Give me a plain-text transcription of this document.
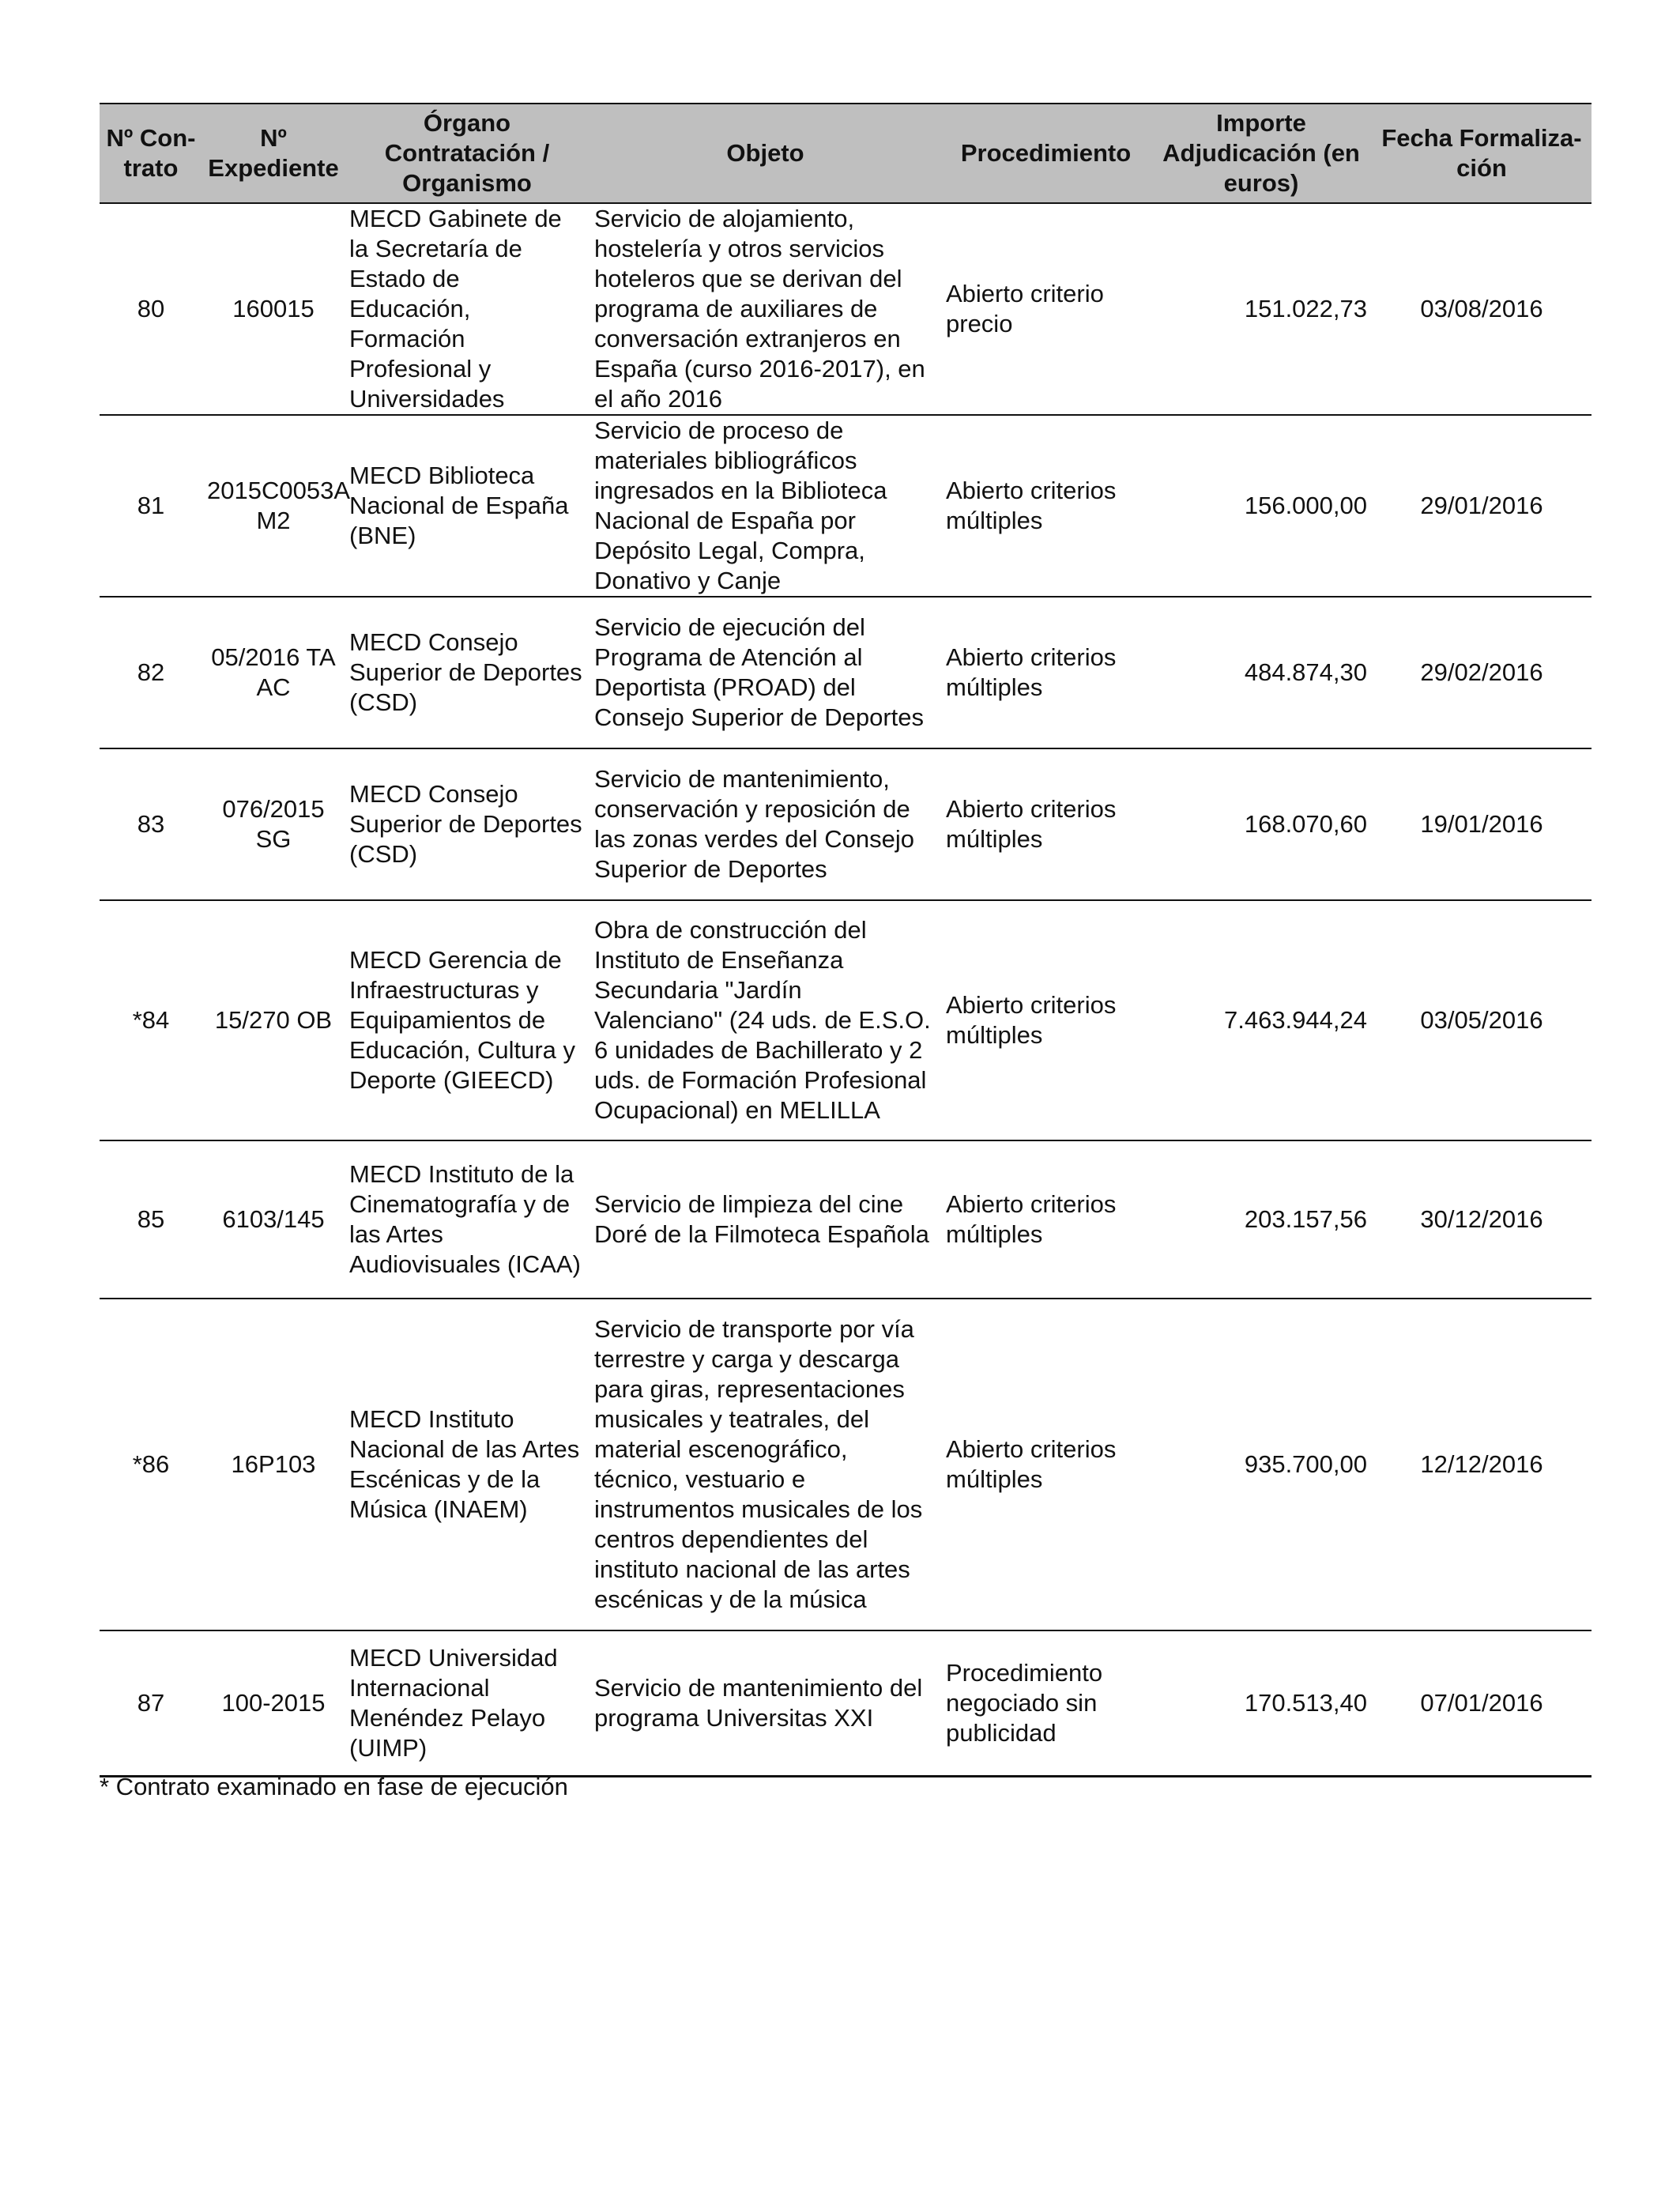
Nº Con- trato	Nº Expediente	Órgano Contratación / Organismo	Objeto	Procedimiento	Importe Adjudicación (en euros)	Fecha Formaliza- ción
80	160015	MECD Gabinete de la Secretaría de Estado de Educación, Formación Profesional y Universidades	Servicio de alojamiento, hostelería y otros servicios hoteleros que se derivan del programa de auxiliares de conversación extranjeros en España (curso 2016-2017), en el año 2016	Abierto criterio precio	151.022,73	03/08/2016
81	2015C0053A M2	MECD Biblioteca Nacional de España (BNE)	Servicio de proceso de materiales bibliográficos ingresados en la Biblioteca Nacional de España por Depósito Legal, Compra, Donativo y Canje	Abierto criterios múltiples	156.000,00	29/01/2016
82	05/2016 TA AC	MECD Consejo Superior de Deportes (CSD)	Servicio de ejecución del Programa de Atención al Deportista (PROAD) del Consejo Superior de Deportes	Abierto criterios múltiples	484.874,30	29/02/2016
83	076/2015 SG	MECD Consejo Superior de Deportes (CSD)	Servicio de mantenimiento, conservación y reposición de las zonas verdes del Consejo Superior de Deportes	Abierto criterios múltiples	168.070,60	19/01/2016
*84	15/270 OB	MECD Gerencia de Infraestructuras y Equipamientos de Educación, Cultura y Deporte (GIEECD)	Obra de construcción del Instituto de Enseñanza Secundaria "Jardín Valenciano" (24 uds. de E.S.O. 6 unidades de Bachillerato y 2 uds. de Formación Profesional Ocupacional) en MELILLA	Abierto criterios múltiples	7.463.944,24	03/05/2016
85	6103/145	MECD Instituto de la Cinematografía y de las Artes Audiovisuales (ICAA)	Servicio de limpieza del cine Doré de la Filmoteca Española	Abierto criterios múltiples	203.157,56	30/12/2016
*86	16P103	MECD Instituto Nacional de las Artes Escénicas y de la Música (INAEM)	Servicio de transporte por vía terrestre y carga y descarga para giras, representaciones musicales y teatrales, del material escenográfico, técnico, vestuario e instrumentos musicales de los centros dependientes del instituto nacional de las artes escénicas y de la música	Abierto criterios múltiples	935.700,00	12/12/2016
87	100-2015	MECD Universidad Internacional Menéndez Pelayo (UIMP)	Servicio de mantenimiento del programa Universitas XXI	Procedimiento negociado sin publicidad	170.513,40	07/01/2016
* Contrato examinado en fase de ejecución
